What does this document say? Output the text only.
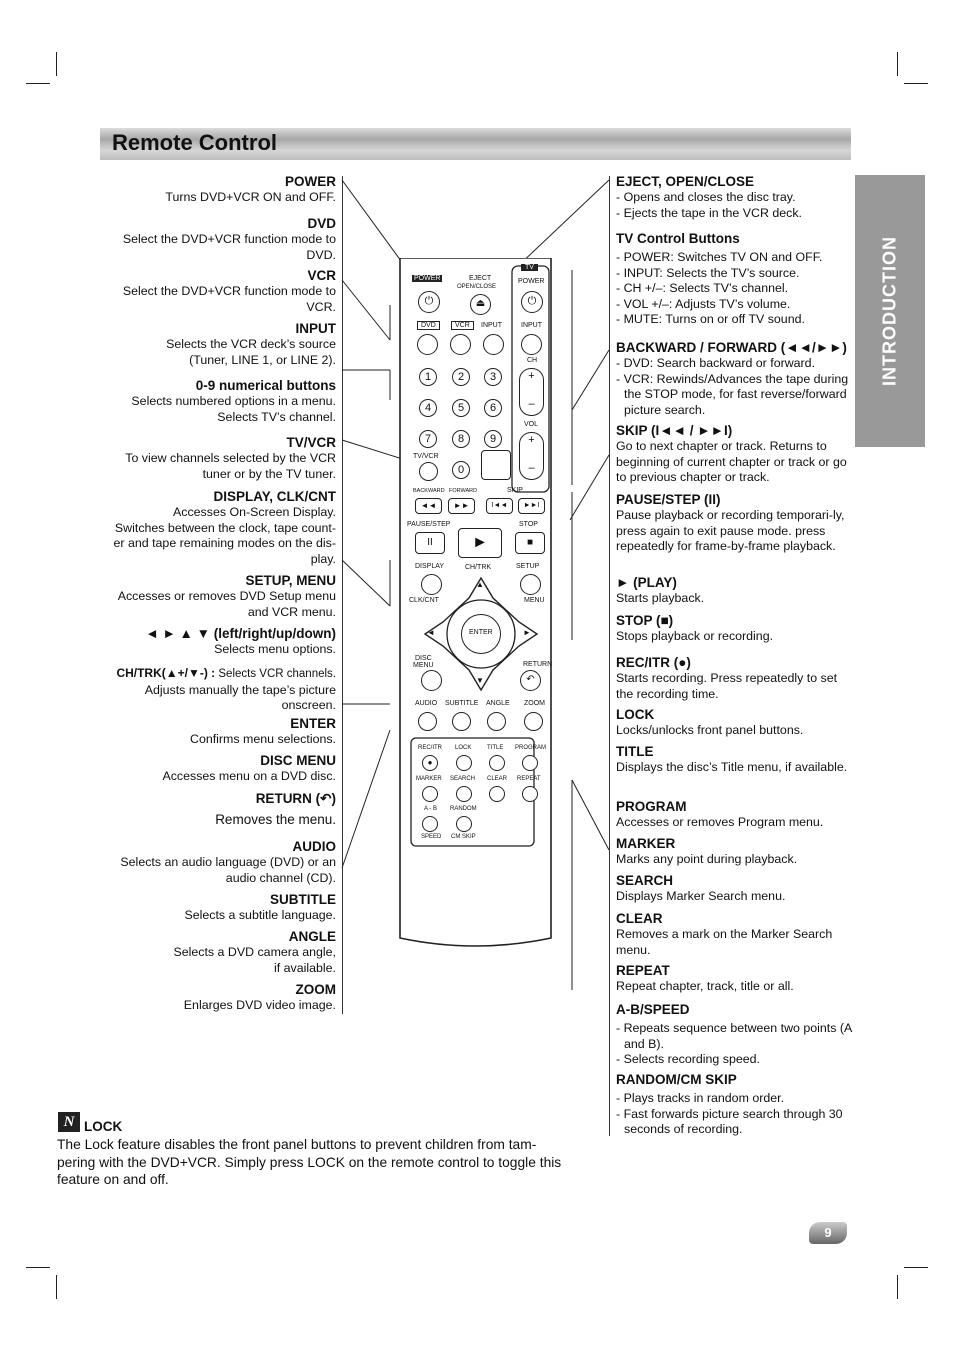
Remote Control
INTRODUCTION
POWER
Turns DVD+VCR ON and OFF.
DVD
Select the DVD+VCR function mode to
DVD.
VCR
Select the DVD+VCR function mode to
VCR.
INPUT
Selects the VCR deck’s source
(Tuner, LINE 1, or LINE 2).
0-9 numerical buttons
Selects numbered options in a menu.
Selects TV’s channel.
TV/VCR
To view channels selected by the VCR
tuner or by the TV tuner.
DISPLAY, CLK/CNT
Accesses On-Screen Display.
Switches between the clock, tape count-
er and tape remaining modes on the dis-
play.
SETUP, MENU
Accesses or removes DVD Setup menu
and VCR menu.
◄ ► ▲ ▼ (left/right/up/down)
Selects menu options.
CH/TRK(▲+/▼-) : Selects VCR channels.
Adjusts manually the tape’s picture
onscreen.
ENTER
Confirms menu selections.
DISC MENU
Accesses menu on a DVD disc.
RETURN (↶)
Removes the menu.
AUDIO
Selects an audio language (DVD) or an
audio channel (CD).
SUBTITLE
Selects a subtitle language.
ANGLE
Selects a DVD camera angle,
if available.
ZOOM
Enlarges DVD video image.
EJECT, OPEN/CLOSE
- Opens and closes the disc tray.
- Ejects the tape in the VCR deck.
TV Control Buttons
- POWER: Switches TV ON and OFF.
- INPUT: Selects the TV’s source.
- CH +/–: Selects TV’s channel.
- VOL +/–: Adjusts TV’s volume.
- MUTE: Turns on or off TV sound.
BACKWARD / FORWARD (◄◄/►►)
- DVD: Search backward or forward.
- VCR: Rewinds/Advances the tape during the STOP mode, for fast reverse/forward picture search.
SKIP (I◄◄ / ►►I)
Go to next chapter or track. Returns to beginning of current chapter or track or go to previous chapter or track.
PAUSE/STEP (II)
Pause playback or recording temporari-ly, press again to exit pause mode. press repeatedly for frame-by-frame playback.
► (PLAY)
Starts playback.
STOP (■)
Stops playback or recording.
REC/ITR (●)
Starts recording. Press repeatedly to set the recording time.
LOCK
Locks/unlocks front panel buttons.
TITLE
Displays the disc’s Title menu, if available.
PROGRAM
Accesses or removes Program menu.
MARKER
Marks any point during playback.
SEARCH
Displays Marker Search menu.
CLEAR
Removes a mark on the Marker Search menu.
REPEAT
Repeat chapter, track, title or all.
A-B/SPEED
- Repeats sequence between two points (A and B).
- Selects recording speed.
RANDOM/CM SKIP
- Plays tracks in random order.
- Fast forwards picture search through 30 seconds of recording.
POWER
⏻
EJECT
OPEN/CLOSE
⏏
TV
POWER
⏻
DVD	VCR	INPUT	INPUT
1	2	3
4	5	6
7	8	9
0
CH
+

–
VOL
+

–
TV/VCR
BACKWARD FORWARD	SKIP
◄◄	►►	I◄◄	►►I
PAUSE/STEP	STOP
II	►	■
DISPLAY	CH/TRK	SETUP
CLK/CNT	MENU
▲
▼
◄	►
ENTER
DISC
MENU	RETURN
↶
AUDIO SUBTITLE ANGLE ZOOM
REC/ITR LOCK	TITLE PROGRAM
●
MARKER SEARCH CLEAR REPEAT
A - B RANDOM
SPEED CM SKIP
N LOCK
The Lock feature disables the front panel buttons to prevent children from tam-pering with the DVD+VCR. Simply press LOCK on the remote control to toggle this feature on and off.
9
